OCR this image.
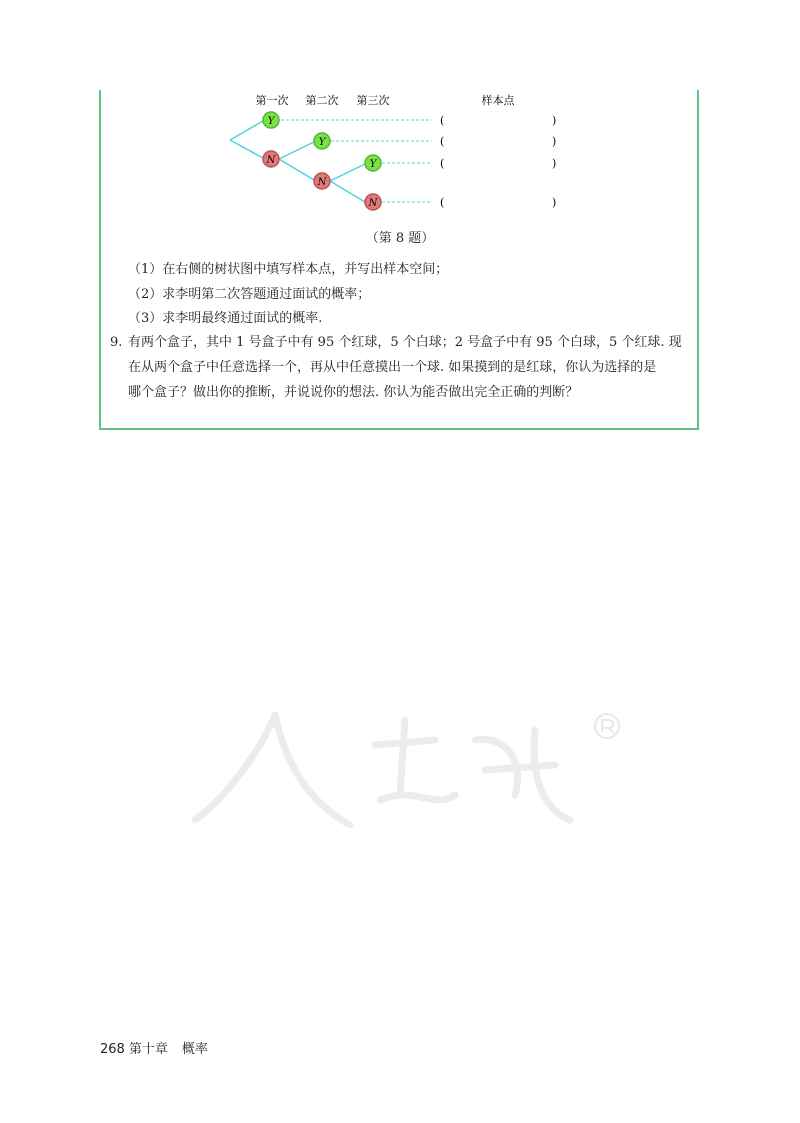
第一次 第二次 第三次	样本点
Y
N
Y
N
Y
N
(	)
(	)
(	)
(	)
（第 8 题）
（1）在右侧的树状图中填写样本点，并写出样本空间；
（2）求李明第二次答题通过面试的概率；
（3）求李明最终通过面试的概率.
9. 有两个盒子，其中 1 号盒子中有 95 个红球，5 个白球；2 号盒子中有 95 个白球，5 个红球. 现
在从两个盒子中任意选择一个，再从中任意摸出一个球. 如果摸到的是红球，你认为选择的是
哪个盒子？做出你的推断，并说说你的想法. 你认为能否做出完全正确的判断？
268 第十章 概率
